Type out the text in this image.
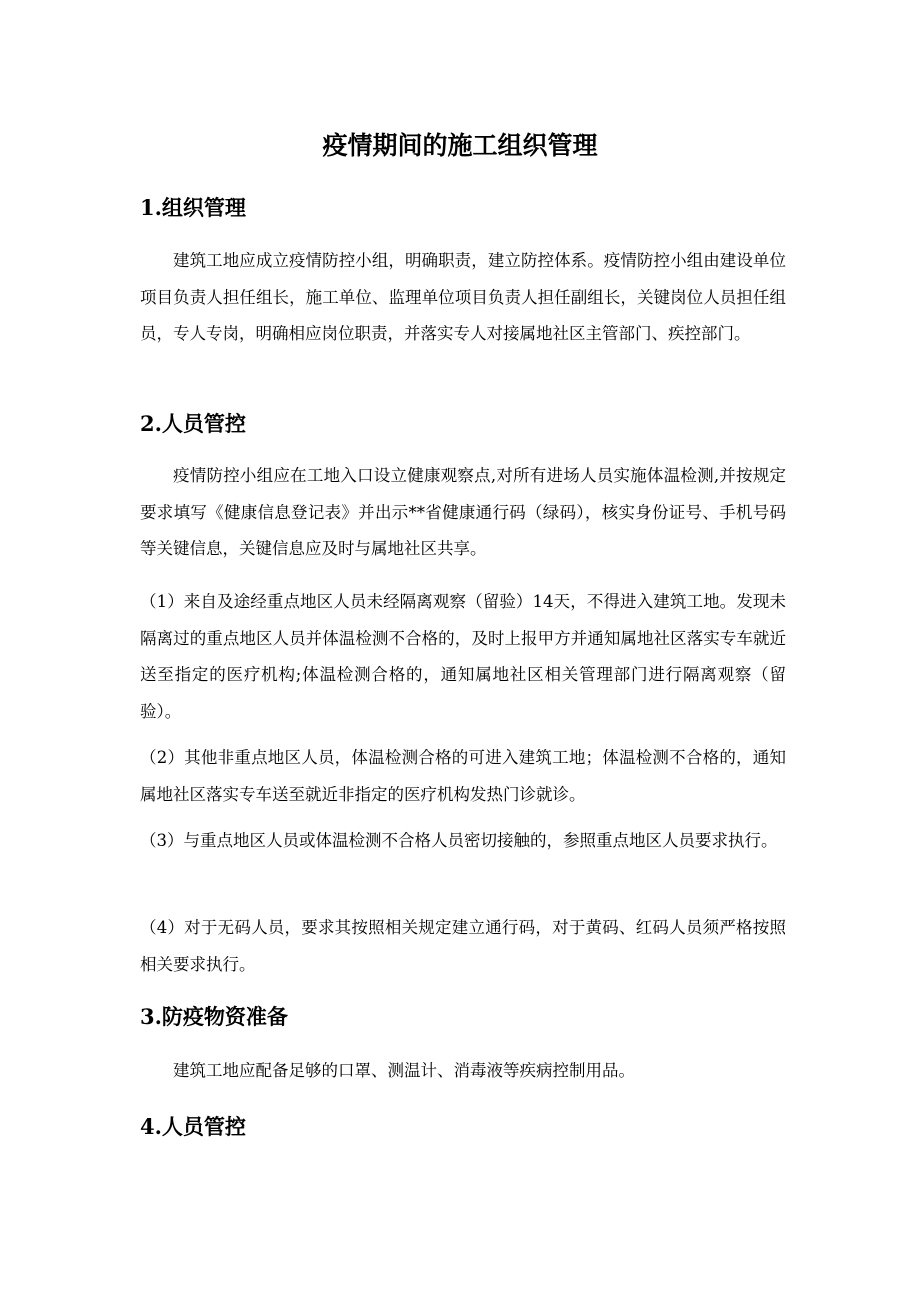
疫情期间的施工组织管理
1.组织管理

建筑工地应成立疫情防控小组，明确职责，建立防控体系。疫情防控小组由建设单位项目负责人担任组长，施工单位、监理单位项目负责人担任副组长，关键岗位人员担任组员，专人专岗，明确相应岗位职责，并落实专人对接属地社区主管部门、疾控部门。

2.人员管控

疫情防控小组应在工地入口设立健康观察点,对所有进场人员实施体温检测,并按规定要求填写《健康信息登记表》并出示**省健康通行码（绿码），核实身份证号、手机号码等关键信息，关键信息应及时与属地社区共享。

（1）来自及途经重点地区人员未经隔离观察（留验）14天，不得进入建筑工地。发现未隔离过的重点地区人员并体温检测不合格的，及时上报甲方并通知属地社区落实专车就近送至指定的医疗机构;体温检测合格的，通知属地社区相关管理部门进行隔离观察（留验）。

（2）其他非重点地区人员，体温检测合格的可进入建筑工地；体温检测不合格的，通知属地社区落实专车送至就近非指定的医疗机构发热门诊就诊。

（3）与重点地区人员或体温检测不合格人员密切接触的，参照重点地区人员要求执行。

（4）对于无码人员，要求其按照相关规定建立通行码，对于黄码、红码人员须严格按照相关要求执行。

3.防疫物资准备

建筑工地应配备足够的口罩、测温计、消毒液等疾病控制用品。

4.人员管控
